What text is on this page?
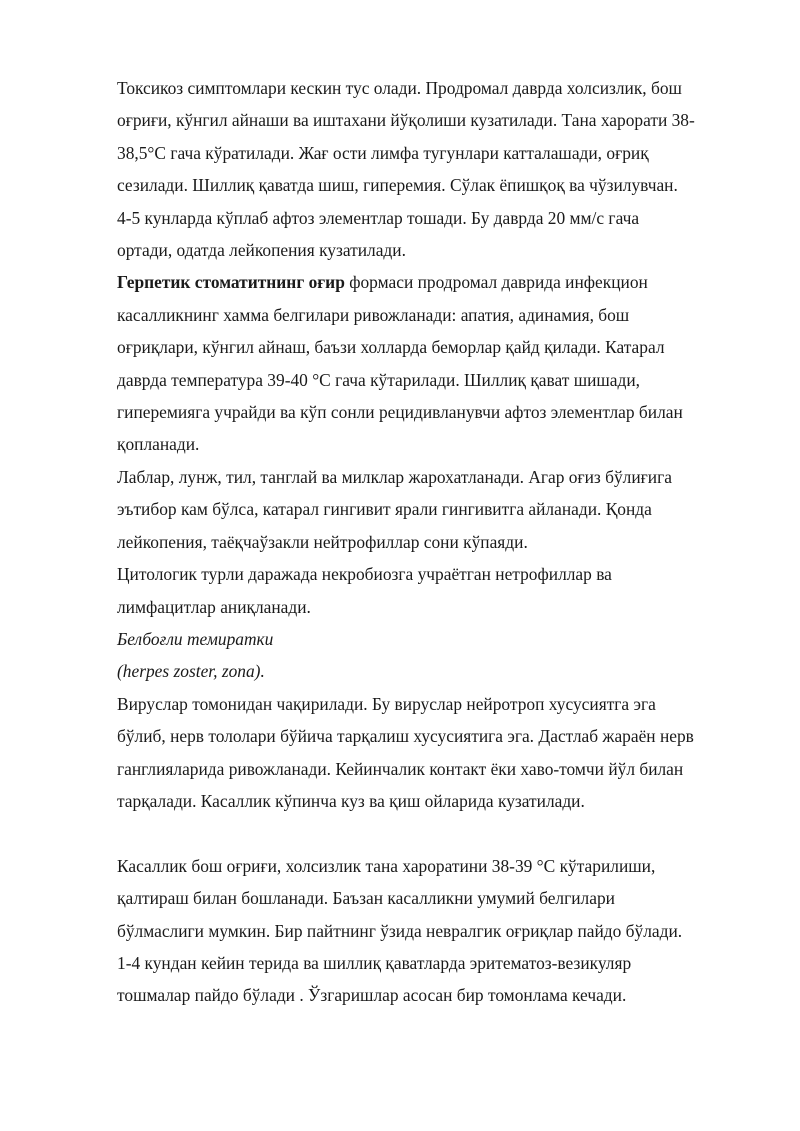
Токсикоз симптомлари кескин тус олади. Продромал даврда холсизлик, бош
оғриғи, кўнгил айнаши ва иштахани йўқолиши кузатилади. Тана харорати 38-
38,5°С гача кўратилади. Жағ ости лимфа тугунлари катталашади, оғриқ
сезилади. Шиллиқ қаватда шиш, гиперемия. Сўлак ёпишқоқ ва чўзилувчан.
4-5 кунларда кўплаб афтоз элементлар тошади. Бу даврда 20 мм/с гача
ортади, одатда лейкопения кузатилади.

Герпетик стоматитнинг оғир формаси продромал даврида инфекцион
касалликнинг хамма белгилари ривожланади: апатия, адинамия, бош
оғриқлари, кўнгил айнаш, баъзи холларда беморлар қайд қилади. Катарал
даврда температура 39-40 °С гача кўтарилади. Шиллиқ қават шишади,
гиперемияга учрайди ва кўп сонли рецидивланувчи афтоз элементлар билан
қопланади.

Лаблар, лунж, тил, танглай ва милклар жарохатланади. Агар оғиз бўлиғига
эътибор кам бўлса, катарал гингивит ярали гингивитга айланади. Қонда
лейкопения, таёқчаўзакли нейтрофиллар сони кўпаяди.

Цитологик турли даражада некробиозга учраётган нетрофиллар ва
лимфацитлар аниқланади.

Белбоғли темиратки
(herpes zoster, zona).

Вируслар томонидан чақирилади. Бу вируслар нейротроп хусусиятга эга
бўлиб, нерв тололари бўйича тарқалиш хусусиятига эга. Дастлаб жараён нерв
ганглияларида ривожланади. Кейинчалик контакт ёки хаво-томчи йўл билан
тарқалади. Касаллик кўпинча куз ва қиш ойларида кузатилади.

Касаллик бош оғриғи, холсизлик тана хароратини 38-39 °С кўтарилиши,
қалтираш билан бошланади. Баъзан касалликни умумий белгилари
бўлмаслиги мумкин. Бир пайтнинг ўзида невралгик оғриқлар пайдо бўлади.
1-4 кундан кейин терида ва шиллиқ қаватларда эритематоз-везикуляр
тошмалар пайдо бўлади . Ўзгаришлар асосан бир томонлама кечади.
